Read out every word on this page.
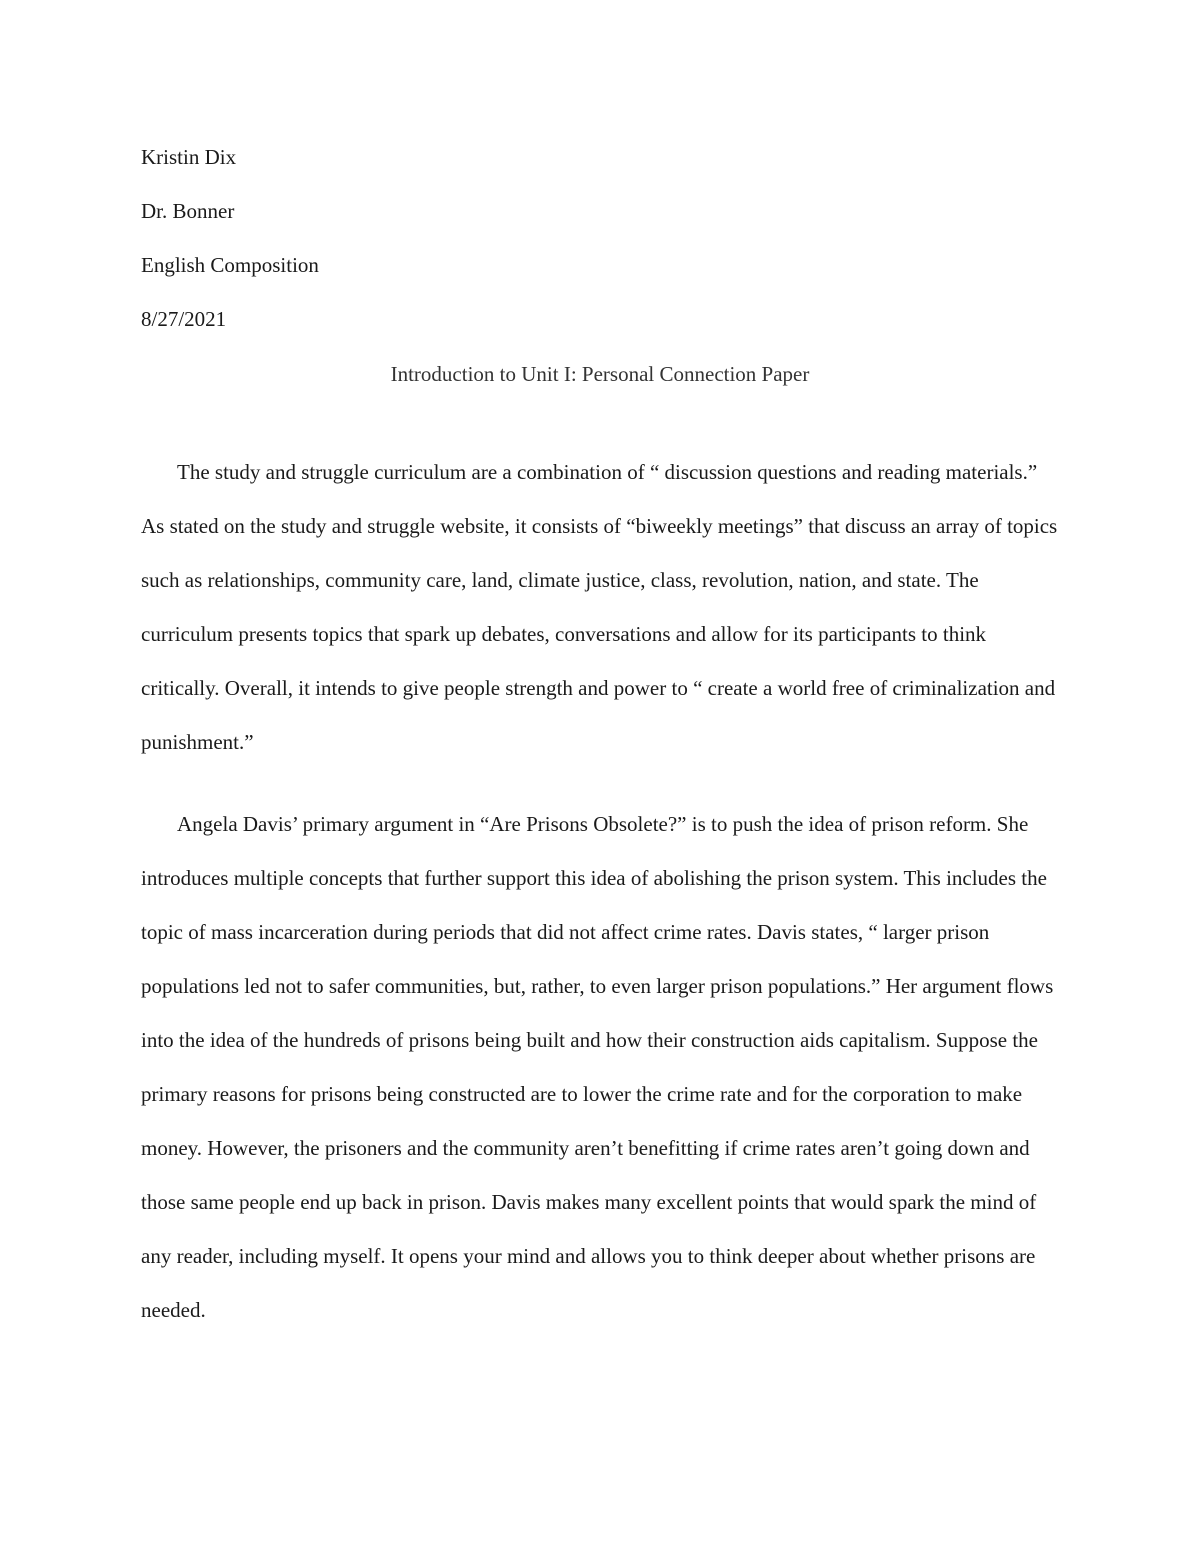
Kristin Dix
Dr. Bonner
English Composition
8/27/2021
Introduction to Unit I: Personal Connection Paper

The study and struggle curriculum are a combination of “ discussion questions and reading materials.” As stated on the study and struggle website, it consists of “biweekly meetings” that discuss an array of topics such as relationships, community care, land, climate justice, class, revolution, nation, and state. The curriculum presents topics that spark up debates, conversations and allow for its participants to think critically. Overall, it intends to give people strength and power to “ create a world free of criminalization and punishment.”

Angela Davis’ primary argument in “Are Prisons Obsolete?” is to push the idea of prison reform. She introduces multiple concepts that further support this idea of abolishing the prison system. This includes the topic of mass incarceration during periods that did not affect crime rates. Davis states, “ larger prison populations led not to safer communities, but, rather, to even larger prison populations.” Her argument flows into the idea of the hundreds of prisons being built and how their construction aids capitalism. Suppose the primary reasons for prisons being constructed are to lower the crime rate and for the corporation to make money. However, the prisoners and the community aren’t benefitting if crime rates aren’t going down and those same people end up back in prison. Davis makes many excellent points that would spark the mind of any reader, including myself. It opens your mind and allows you to think deeper about whether prisons are needed.
